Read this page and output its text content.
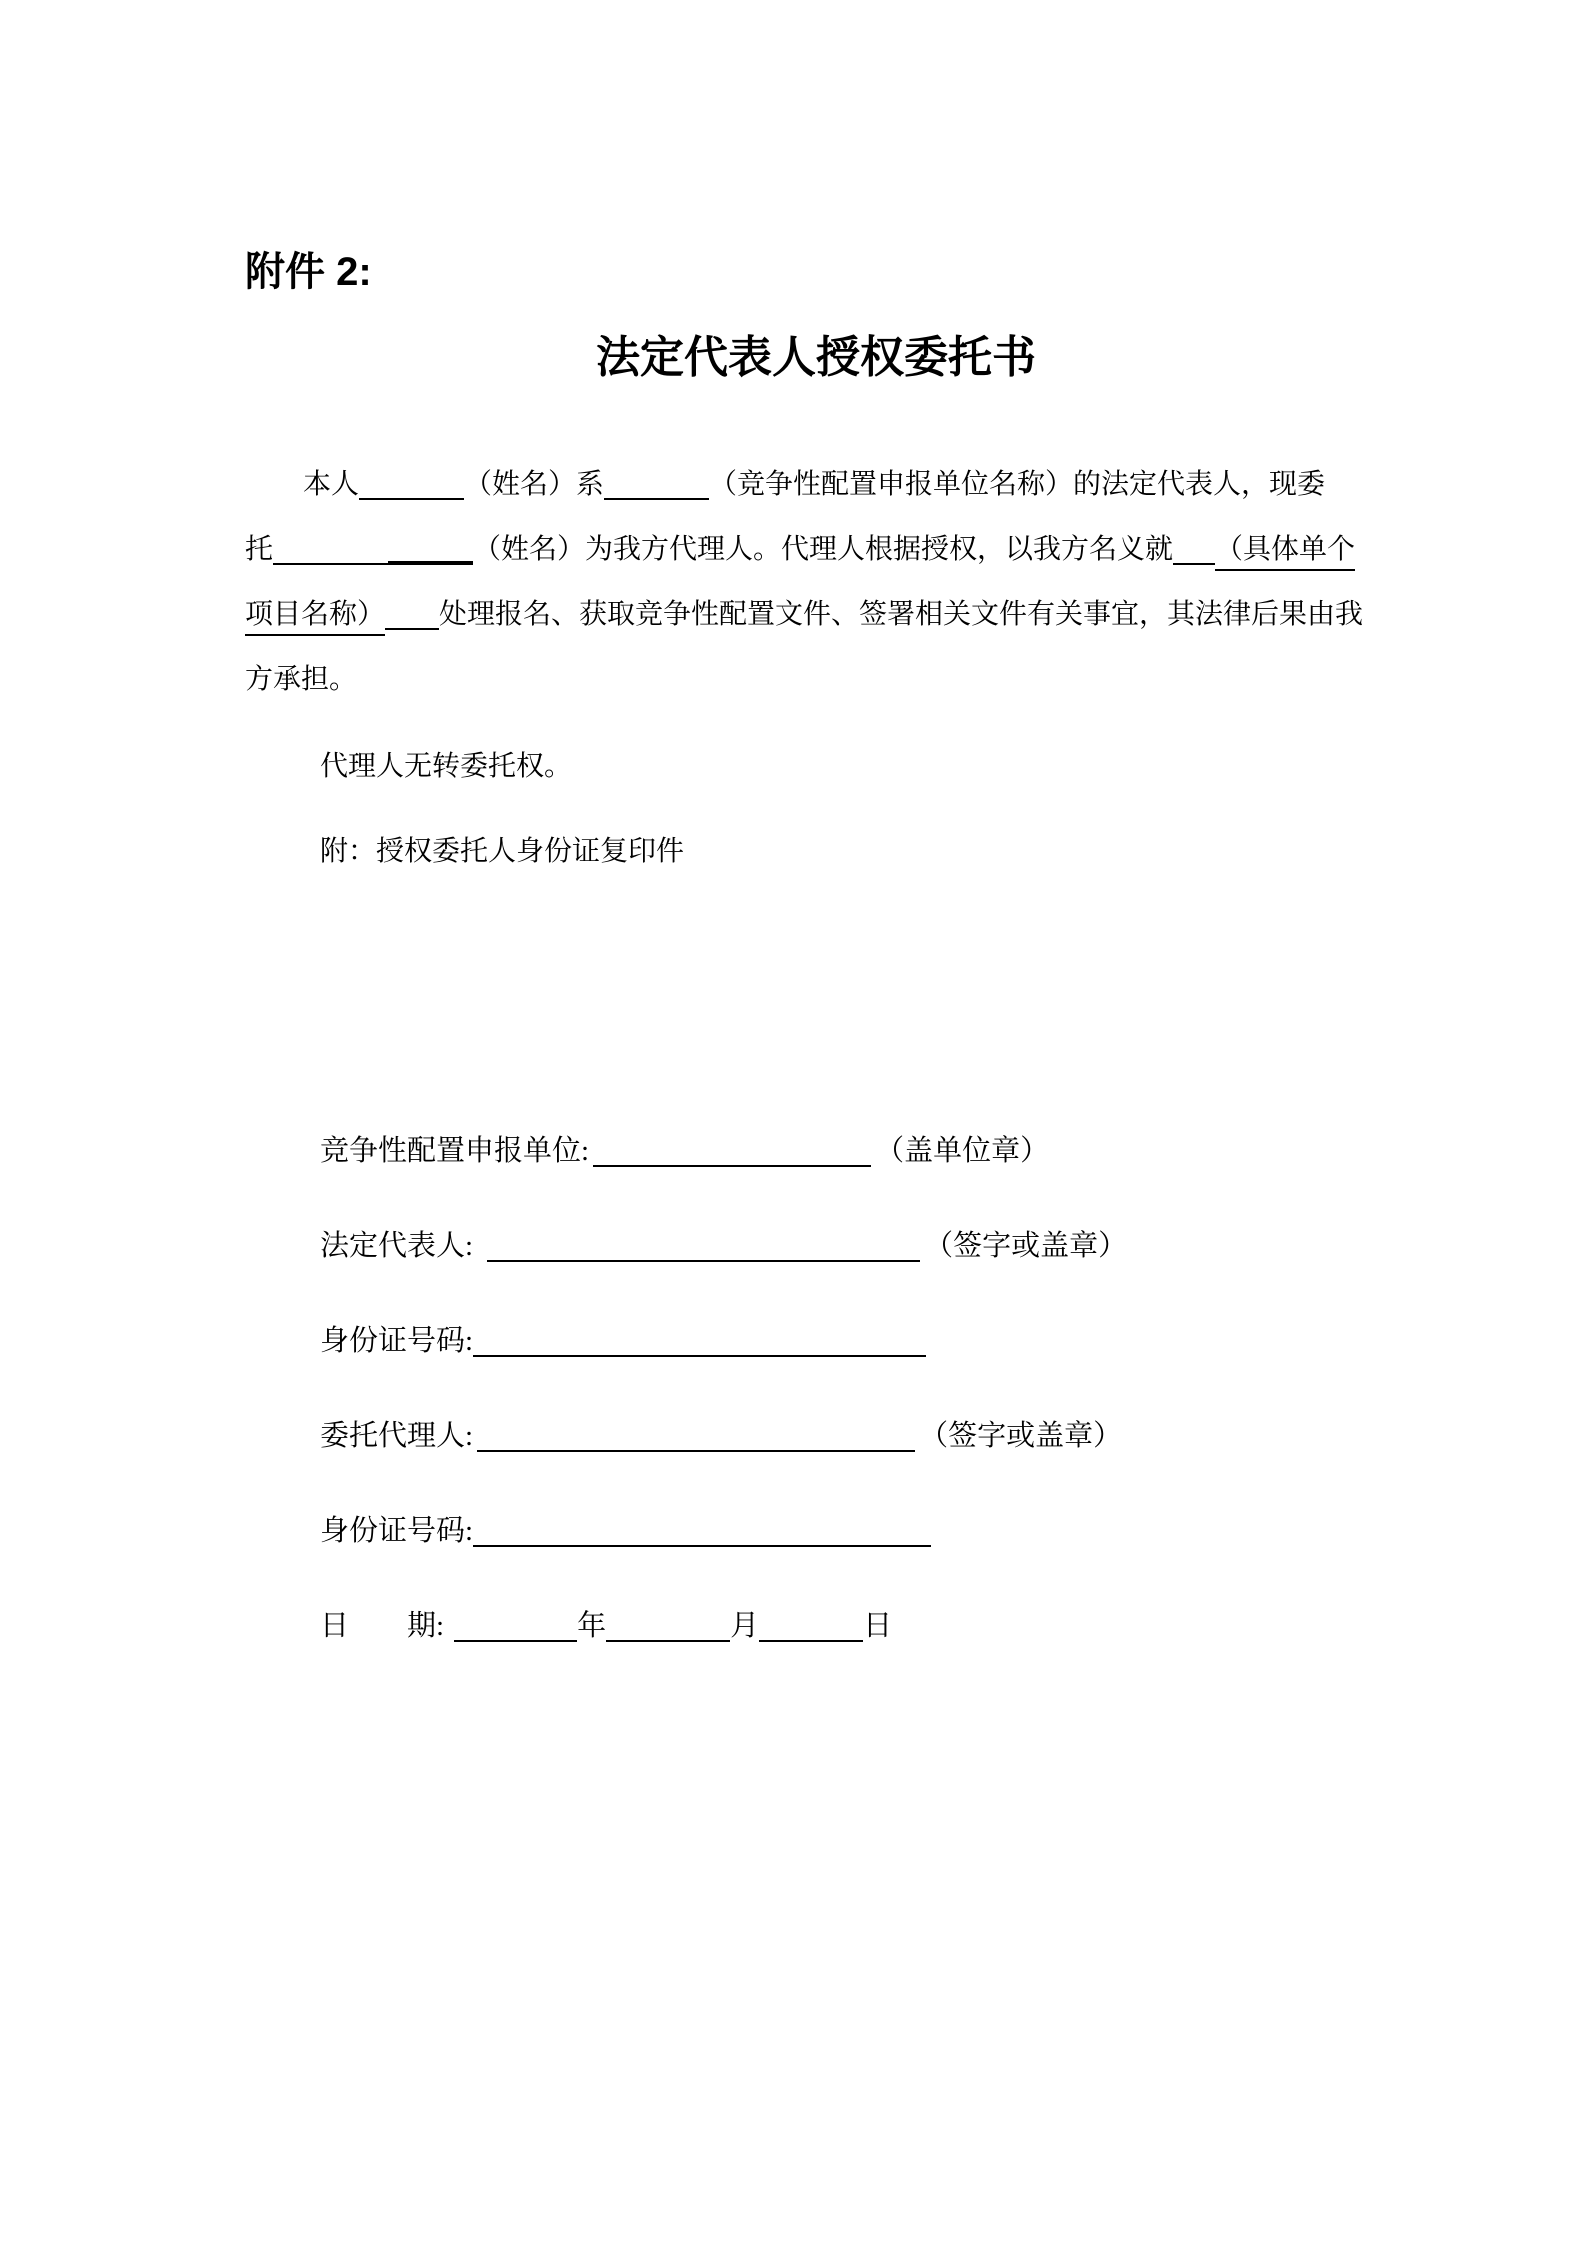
附件 2:
法定代表人授权委托书
本人	（姓名）系	（竞争性配置申报单位名称）的法定代表人，现委
托	（姓名）为我方代理人。代理人根据授权，以我方名义就 （具体单个
项目名称） 处理报名、获取竞争性配置文件、签署相关文件有关事宜，其法律后果由我
方承担。
代理人无转委托权。
附：授权委托人身份证复印件
竞争性配置申报单位:	（盖单位章）
法定代表人:	（签字或盖章）
身份证号码:
委托代理人:	（签字或盖章）
身份证号码:
日　　期:	年	月	日
